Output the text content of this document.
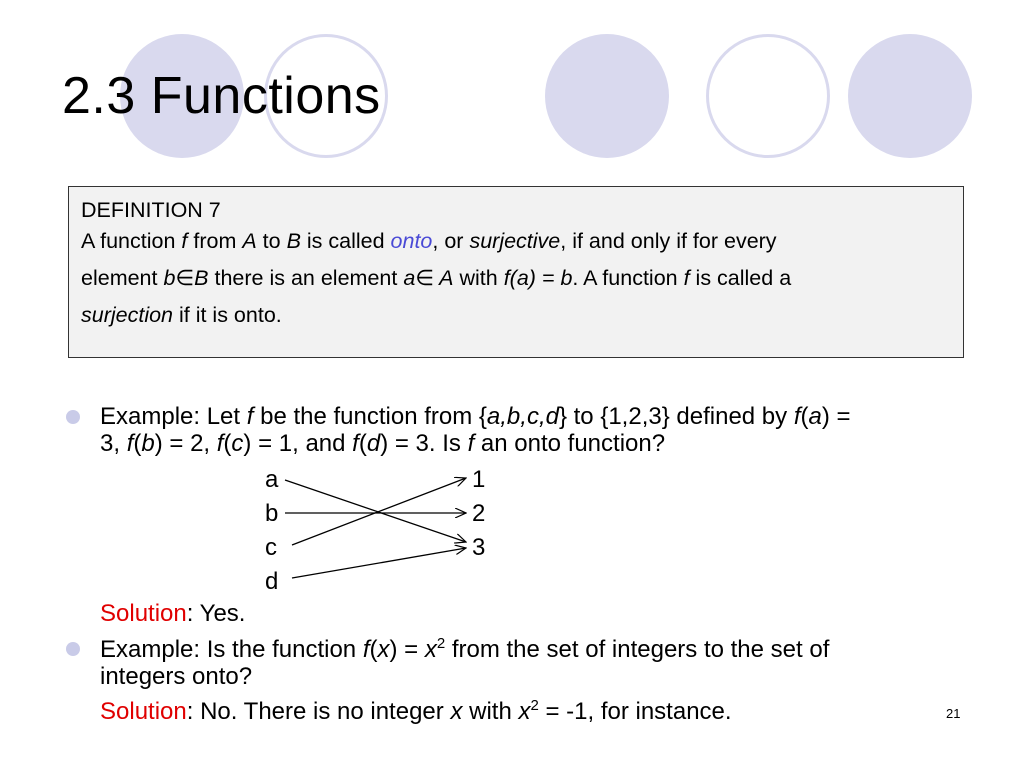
2.3 Functions
DEFINITION 7
A function f from A to B is called onto, or surjective, if and only if for every
element b∈B there is an element a∈ A with f(a) = b. A function f is called a
surjection if it is onto.
Example: Let f be the function from {a,b,c,d} to {1,2,3} defined by f(a) =
3, f(b) = 2, f(c) = 1, and f(d) = 3. Is f an onto function?
a
b
c
d
1
2
3
Solution: Yes.
Example: Is the function $f(x) = x^2$ from the set of integers to the set of
integers onto?
Solution: No. There is no integer x with $x^2 = -1$, for instance.	21
